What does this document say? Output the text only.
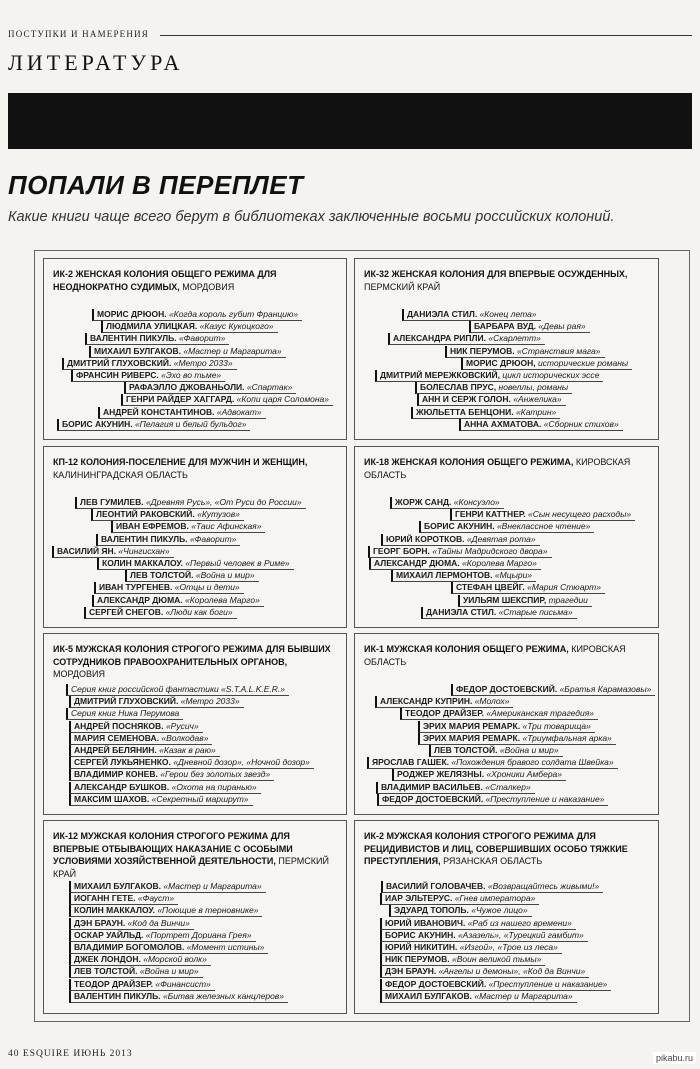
ПОСТУПКИ И НАМЕРЕНИЯ
ЛИТЕРАТУРА
ПОПАЛИ В ПЕРЕПЛЕТ
Какие книги чаще всего берут в библиотеках заключенные восьми российских колоний.
ИК-2 ЖЕНСКАЯ КОЛОНИЯ ОБЩЕГО РЕЖИМА ДЛЯ НЕОДНОКРАТНО СУДИМЫХ, МОРДОВИЯ
МОРИС ДРЮОН. «Когда король губит Францию»
ЛЮДМИЛА УЛИЦКАЯ. «Казус Кукоцкого»
ВАЛЕНТИН ПИКУЛЬ. «Фаворит»
МИХАИЛ БУЛГАКОВ. «Мастер и Маргарита»
ДМИТРИЙ ГЛУХОВСКИЙ. «Метро 2033»
ФРАНСИН РИВЕРС. «Эхо во тьме»
РАФАЭЛЛО ДЖОВАНЬОЛИ. «Спартак»
ГЕНРИ РАЙДЕР ХАГГАРД. «Копи царя Соломона»
АНДРЕЙ КОНСТАНТИНОВ. «Адвокат»
БОРИС АКУНИН. «Пелагия и белый бульдог»
ИК-32 ЖЕНСКАЯ КОЛОНИЯ ДЛЯ ВПЕРВЫЕ ОСУЖДЕННЫХ, ПЕРМСКИЙ КРАЙ
ДАНИЭЛА СТИЛ. «Конец лета»
БАРБАРА ВУД. «Девы рая»
АЛЕКСАНДРА РИПЛИ. «Скарлетт»
НИК ПЕРУМОВ. «Странствия мага»
МОРИС ДРЮОН, исторические романы
ДМИТРИЙ МЕРЕЖКОВСКИЙ, цикл исторических эссе
БОЛЕСЛАВ ПРУС, новеллы, романы
АНН И СЕРЖ ГОЛОН. «Анжелика»
ЖЮЛЬЕТТА БЕНЦОНИ. «Катрин»
АННА АХМАТОВА. «Сборник стихов»
КП-12 КОЛОНИЯ-ПОСЕЛЕНИЕ ДЛЯ МУЖЧИН И ЖЕНЩИН, КАЛИНИНГРАДСКАЯ ОБЛАСТЬ
ЛЕВ ГУМИЛЕВ. «Древняя Русь», «От Руси до России»
ЛЕОНТИЙ РАКОВСКИЙ. «Кутузов»
ИВАН ЕФРЕМОВ. «Таис Афинская»
ВАЛЕНТИН ПИКУЛЬ. «Фаворит»
ВАСИЛИЙ ЯН. «Чингисхан»
КОЛИН МАККАЛОУ. «Первый человек в Риме»
ЛЕВ ТОЛСТОЙ. «Война и мир»
ИВАН ТУРГЕНЕВ. «Отцы и дети»
АЛЕКСАНДР ДЮМА. «Королева Марго»
СЕРГЕЙ СНЕГОВ. «Люди как боги»
ИК-18 ЖЕНСКАЯ КОЛОНИЯ ОБЩЕГО РЕЖИМА, КИРОВСКАЯ ОБЛАСТЬ
ЖОРЖ САНД. «Консуэло»
ГЕНРИ КАТТНЕР. «Сын несущего расходы»
БОРИС АКУНИН. «Внеклассное чтение»
ЮРИЙ КОРОТКОВ. «Девятая рота»
ГЕОРГ БОРН. «Тайны Мадридского двора»
АЛЕКСАНДР ДЮМА. «Королева Марго»
МИХАИЛ ЛЕРМОНТОВ. «Мцыри»
СТЕФАН ЦВЕЙГ. «Мария Стюарт»
УИЛЬЯМ ШЕКСПИР, трагедии
ДАНИЭЛА СТИЛ. «Старые письма»
ИК-5 МУЖСКАЯ КОЛОНИЯ СТРОГОГО РЕЖИМА ДЛЯ БЫВШИХ СОТРУДНИКОВ ПРАВООХРАНИТЕЛЬНЫХ ОРГАНОВ, МОРДОВИЯ
Серия книг российской фантастики «S.T.A.L.K.E.R.»
ДМИТРИЙ ГЛУХОВСКИЙ. «Метро 2033»
Серия книг Ника Перумова
АНДРЕЙ ПОСНЯКОВ. «Русич»
МАРИЯ СЕМЕНОВА. «Волкодав»
АНДРЕЙ БЕЛЯНИН. «Казак в раю»
СЕРГЕЙ ЛУКЬЯНЕНКО. «Дневной дозор», «Ночной дозор»
ВЛАДИМИР КОНЕВ. «Герои без золотых звезд»
АЛЕКСАНДР БУШКОВ. «Охота на пиранью»
МАКСИМ ШАХОВ. «Секретный маршрут»
ИК-1 МУЖСКАЯ КОЛОНИЯ ОБЩЕГО РЕЖИМА, КИРОВСКАЯ ОБЛАСТЬ
ФЕДОР ДОСТОЕВСКИЙ. «Братья Карамазовы»
АЛЕКСАНДР КУПРИН. «Молох»
ТЕОДОР ДРАЙЗЕР. «Американская трагедия»
ЭРИХ МАРИЯ РЕМАРК. «Три товарища»
ЭРИХ МАРИЯ РЕМАРК. «Триумфальная арка»
ЛЕВ ТОЛСТОЙ. «Война и мир»
ЯРОСЛАВ ГАШЕК. «Похождения бравого солдата Швейка»
РОДЖЕР ЖЕЛЯЗНЫ. «Хроники Амбера»
ВЛАДИМИР ВАСИЛЬЕВ. «Сталкер»
ФЕДОР ДОСТОЕВСКИЙ. «Преступление и наказание»
ИК-12 МУЖСКАЯ КОЛОНИЯ СТРОГОГО РЕЖИМА ДЛЯ ВПЕРВЫЕ ОТБЫВАЮЩИХ НАКАЗАНИЕ С ОСОБЫМИ УСЛОВИЯМИ ХОЗЯЙСТВЕННОЙ ДЕЯТЕЛЬНОСТИ, ПЕРМСКИЙ КРАЙ
МИХАИЛ БУЛГАКОВ. «Мастер и Маргарита»
ИОГАНН ГЕТЕ. «Фауст»
КОЛИН МАККАЛОУ. «Поющие в терновнике»
ДЭН БРАУН. «Код да Винчи»
ОСКАР УАЙЛЬД. «Портрет Дориана Грея»
ВЛАДИМИР БОГОМОЛОВ. «Момент истины»
ДЖЕК ЛОНДОН. «Морской волк»
ЛЕВ ТОЛСТОЙ. «Война и мир»
ТЕОДОР ДРАЙЗЕР. «Финансист»
ВАЛЕНТИН ПИКУЛЬ. «Битва железных канцлеров»
ИК-2 МУЖСКАЯ КОЛОНИЯ СТРОГОГО РЕЖИМА ДЛЯ РЕЦИДИВИСТОВ И ЛИЦ, СОВЕРШИВШИХ ОСОБО ТЯЖКИЕ ПРЕСТУПЛЕНИЯ, РЯЗАНСКАЯ ОБЛАСТЬ
ВАСИЛИЙ ГОЛОВАЧЕВ. «Возвращайтесь живыми!»
ИАР ЭЛЬТЕРУС. «Гнев императора»
ЭДУАРД ТОПОЛЬ. «Чужое лицо»
ЮРИЙ ИВАНОВИЧ. «Раб из нашего времени»
БОРИС АКУНИН. «Азазель», «Турецкий гамбит»
ЮРИЙ НИКИТИН. «Изгой», «Трое из леса»
НИК ПЕРУМОВ. «Воин великой тьмы»
ДЭН БРАУН. «Ангелы и демоны», «Код да Винчи»
ФЕДОР ДОСТОЕВСКИЙ. «Преступление и наказание»
МИХАИЛ БУЛГАКОВ. «Мастер и Маргарита»
40 ESQUIRE ИЮНЬ 2013	pikabu.ru
